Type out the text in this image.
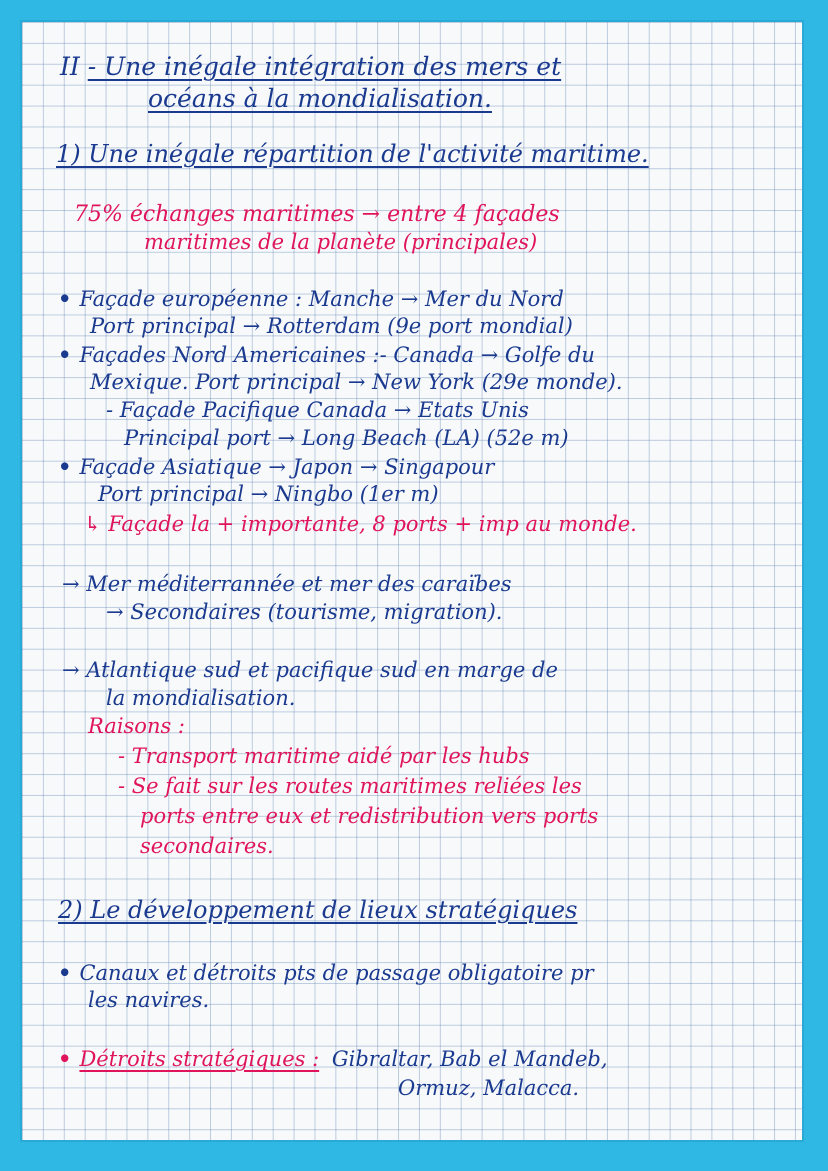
II - Une inégale intégration des mers et
océans à la mondialisation.
1) Une inégale répartition de l'activité maritime.
75% échanges maritimes → entre 4 façades
maritimes de la planète (principales)
• Façade européenne : Manche → Mer du Nord
Port principal → Rotterdam (9e port mondial)
• Façades Nord Americaines :- Canada → Golfe du
Mexique. Port principal → New York (29e monde).
- Façade Pacifique Canada → Etats Unis
Principal port → Long Beach (LA) (52e m)
• Façade Asiatique → Japon → Singapour
Port principal → Ningbo (1er m)
↳ Façade la + importante, 8 ports + imp au monde.
→ Mer méditerrannée et mer des caraïbes
→ Secondaires (tourisme, migration).
→ Atlantique sud et pacifique sud en marge de
la mondialisation.
Raisons :
- Transport maritime aidé par les hubs
- Se fait sur les routes maritimes reliées les
ports entre eux et redistribution vers ports
secondaires.
2) Le développement de lieux stratégiques
• Canaux et détroits pts de passage obligatoire pr
les navires.
• Détroits stratégiques : Gibraltar, Bab el Mandeb,
Ormuz, Malacca.
